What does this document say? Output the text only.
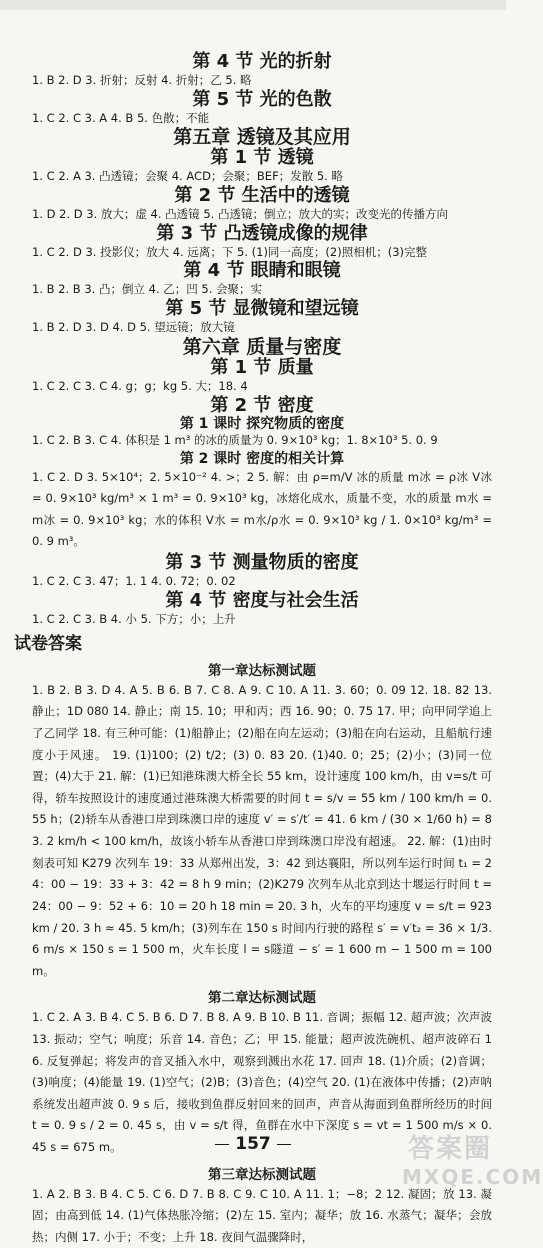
第 4 节 光的折射

1. B 2. D 3. 折射；反射 4. 折射；乙 5. 略

第 5 节 光的色散

1. C 2. C 3. A 4. B 5. 色散；不能

第五章 透镜及其应用
第 1 节 透镜

1. C 2. A 3. 凸透镜；会聚 4. ACD；会聚；BEF；发散 5. 略

第 2 节 生活中的透镜

1. D 2. D 3. 放大；虚 4. 凸透镜 5. 凸透镜；倒立；放大的实；改变光的传播方向

第 3 节 凸透镜成像的规律

1. C 2. D 3. 投影仪；放大 4. 远离；下 5. (1)同一高度；(2)照相机；(3)完整

第 4 节 眼睛和眼镜

1. B 2. B 3. 凸；倒立 4. 乙；凹 5. 会聚；实

第 5 节 显微镜和望远镜

1. B 2. D 3. D 4. D 5. 望远镜；放大镜

第六章 质量与密度
第 1 节 质量

1. C 2. C 3. C 4. g；g；kg 5. 大；18. 4

第 2 节 密度
第 1 课时 探究物质的密度

1. C 2. B 3. C 4. 体积是 1 m³ 的冰的质量为 0. 9×10³ kg；1. 8×10³ 5. 0. 9

第 2 课时 密度的相关计算

1. C 2. D 3. 5×10⁴；2. 5×10⁻² 4. >；2 5. 解：由 ρ=m/V 冰的质量 m冰 = ρ冰 V冰 = 0. 9×10³ kg/m³ × 1 m³ = 0. 9×10³ kg，冰熔化成水，质量不变，水的质量 m水 = m冰 = 0. 9×10³ kg；水的体积 V水 = m水/ρ水 = 0. 9×10³ kg / 1. 0×10³ kg/m³ = 0. 9 m³。

第 3 节 测量物质的密度

1. C 2. C 3. 47；1. 1 4. 0. 72；0. 02

第 4 节 密度与社会生活

1. C 2. C 3. B 4. 小 5. 下方；小；上升

试卷答案
第一章达标测试题

1. B 2. B 3. D 4. A 5. B 6. B 7. C 8. A 9. C 10. A 11. 3. 60；0. 09 12. 18. 82 13. 静止；1D 080 14. 静止；南 15. 10；甲和丙；西 16. 90；0. 75 17. 甲；向甲同学追上了乙同学 18. 有三种可能：(1)船静止；(2)船在向左运动；(3)船在向右运动，且船航行速度小于风速。 19. (1)100；(2) t/2；(3) 0. 83 20. (1)40. 0；25；(2)小；(3)同一位置；(4)大于 21. 解：(1)已知港珠澳大桥全长 55 km，设计速度 100 km/h，由 v=s/t 可得，轿车按照设计的速度通过港珠澳大桥需要的时间 t = s/v = 55 km / 100 km/h = 0. 55 h；(2)轿车从香港口岸到珠澳口岸的速度 v′ = s′/t′ = 41. 6 km / (30 × 1/60 h) = 83. 2 km/h < 100 km/h，故该小轿车从香港口岸到珠澳口岸没有超速。 22. 解：(1)由时刻表可知 K279 次列车 19：33 从郑州出发，3：42 到达襄阳，所以列车运行时间 t₁ = 24：00 − 19：33 + 3：42 = 8 h 9 min；(2)K279 次列车从北京到达十堰运行时间 t = 24：00 − 9：52 + 6：10 = 20 h 18 min = 20. 3 h，火车的平均速度 v = s/t = 923 km / 20. 3 h ≈ 45. 5 km/h；(3)列车在 150 s 时间内行驶的路程 s′ = v′t₂ = 36 × 1/3. 6 m/s × 150 s = 1 500 m，火车长度 l = s隧道 − s′ = 1 600 m − 1 500 m = 100 m。

第二章达标测试题

1. C 2. A 3. B 4. C 5. B 6. D 7. B 8. A 9. B 10. B 11. 音调；振幅 12. 超声波；次声波 13. 振动；空气；响度；乐音 14. 音色；乙；甲 15. 能量；超声波洗碗机、超声波碎石 16. 反复弹起；将发声的音叉插入水中，观察到溅出水花 17. 回声 18. (1)介质；(2)音调；(3)响度；(4)能量 19. (1)空气；(2)B；(3)音色；(4)空气 20. (1)在液体中传播；(2)声呐系统发出超声波 0. 9 s 后，接收到鱼群反射回来的回声，声音从海面到鱼群所经历的时间 t = 0. 9 s / 2 = 0. 45 s，由 v = s/t 得，鱼群在水中下深度 s = vt = 1 500 m/s × 0. 45 s = 675 m。

第三章达标测试题

1. A 2. B 3. B 4. C 5. C 6. D 7. B 8. C 9. C 10. A 11. 1；−8；2 12. 凝固；放 13. 凝固；由高到低 14. (1)气体热胀冷缩；(2)左 15. 室内；凝华；放 16. 水蒸气；凝华；会放热；内侧 17. 小于；不变；上升 18. 夜间气温骤降时，

157	答案圈
MXQE.COM
